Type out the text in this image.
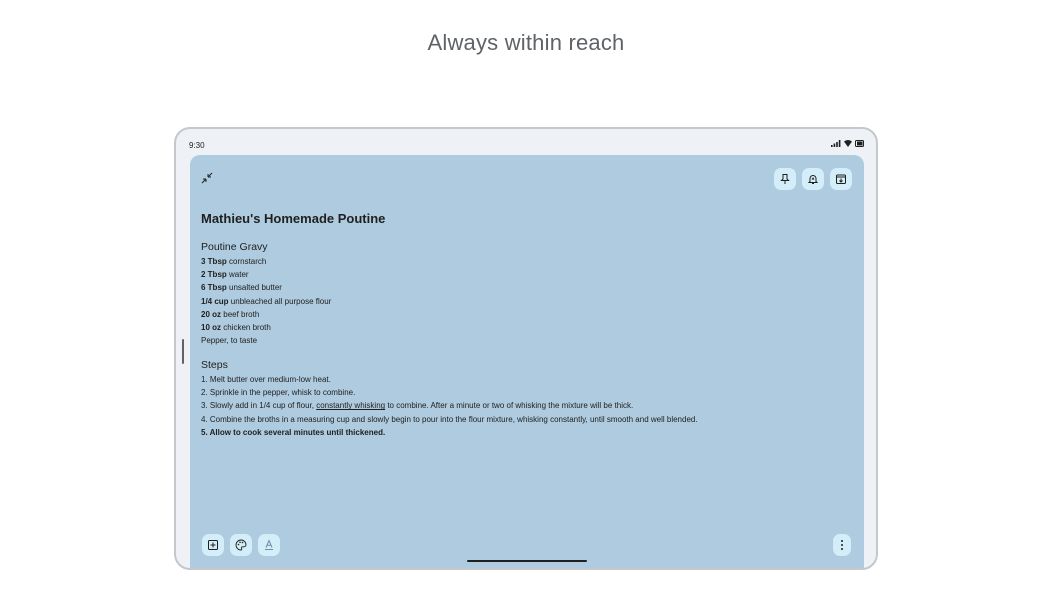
Always within reach
9:30
Mathieu's Homemade Poutine
Poutine Gravy
3 Tbsp cornstarch
2 Tbsp water
6 Tbsp unsalted butter
1/4 cup unbleached all purpose flour
20 oz beef broth
10 oz chicken broth
Pepper, to taste
Steps
1. Melt butter over medium-low heat.
2. Sprinkle in the pepper, whisk to combine.
3. Slowly add in 1/4 cup of flour, constantly whisking to combine. After a minute or two of whisking the mixture will be thick.
4. Combine the broths in a measuring cup and slowly begin to pour into the flour mixture, whisking constantly, until smooth and well blended.
5. Allow to cook several minutes until thickened.
